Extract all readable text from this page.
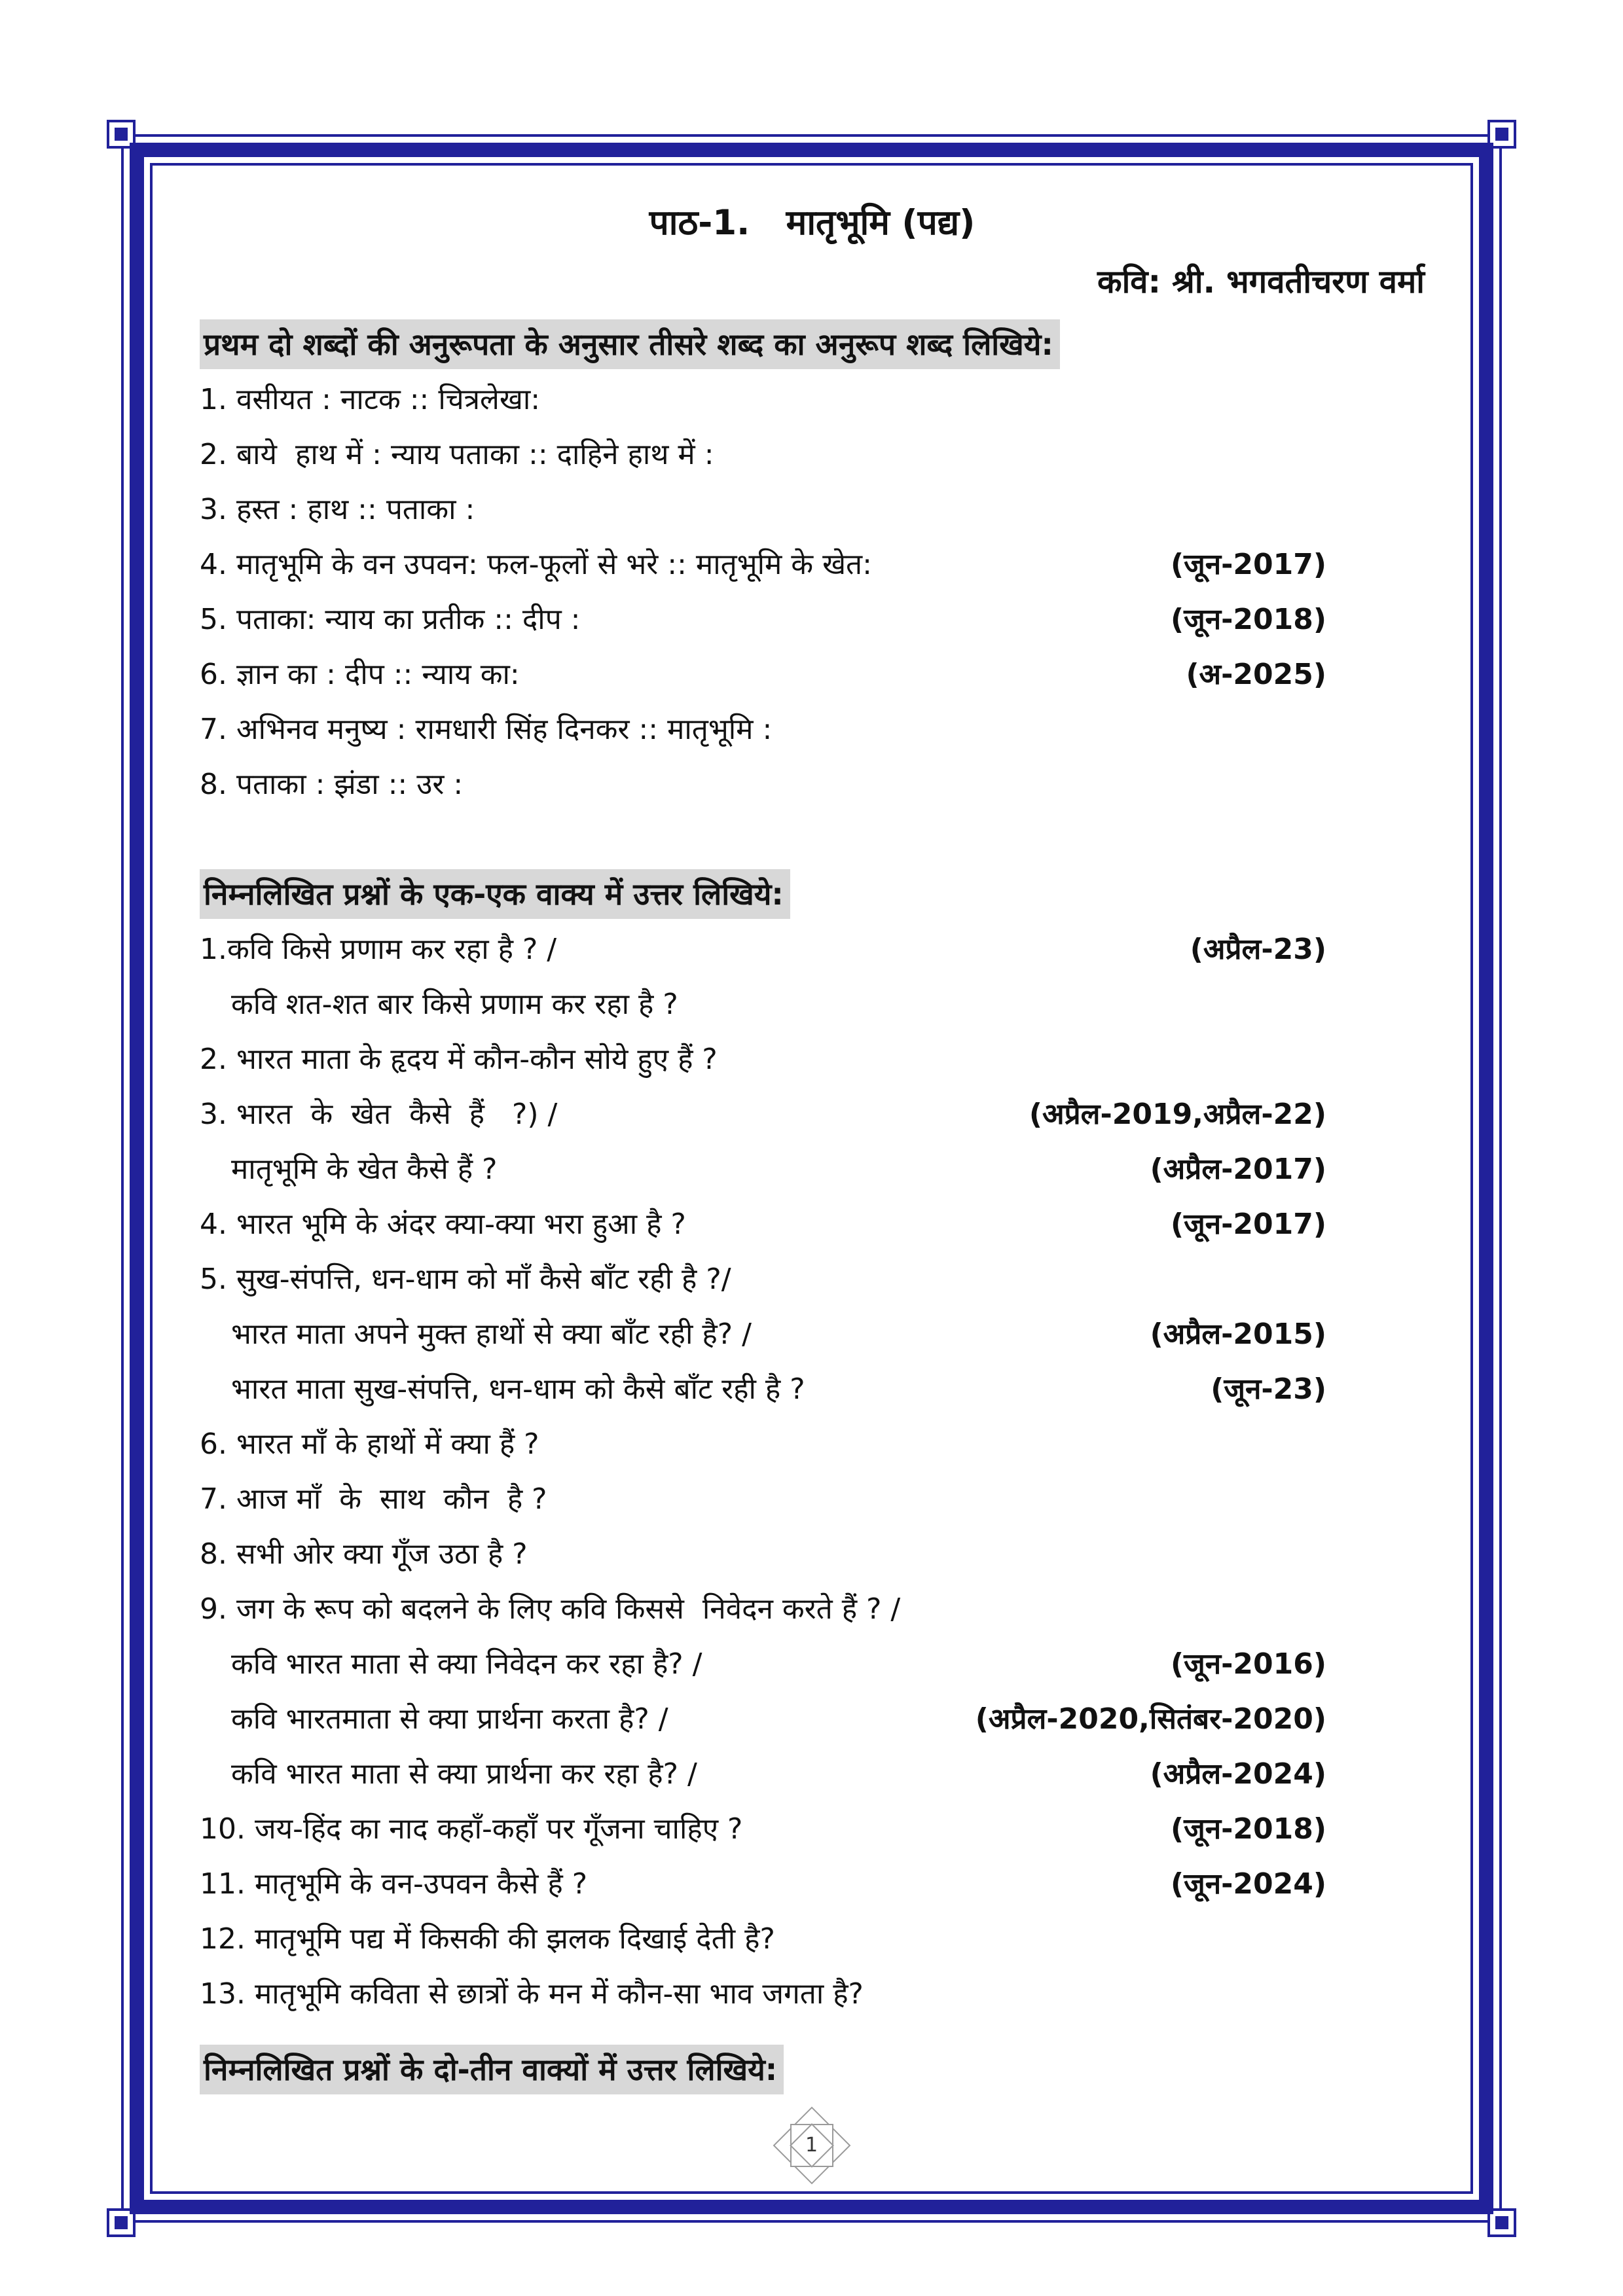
पाठ-1.   मातृभूमि (पद्य)
कवि: श्री. भगवतीचरण वर्मा
प्रथम दो शब्दों की अनुरूपता के अनुसार तीसरे शब्द का अनुरूप शब्द लिखिये:
1. वसीयत : नाटक :: चित्रलेखा:
2. बाये  हाथ में : न्याय पताका :: दाहिने हाथ में :
3. हस्त : हाथ :: पताका :
4. मातृभूमि के वन उपवन: फल-फूलों से भरे :: मातृभूमि के खेत:	(जून-2017)
5. पताका: न्याय का प्रतीक :: दीप :	(जून-2018)
6. ज्ञान का : दीप :: न्याय का:	(अ-2025)
7. अभिनव मनुष्य : रामधारी सिंह दिनकर :: मातृभूमि :
8. पताका : झंडा :: उर :
निम्नलिखित प्रश्नों के एक-एक वाक्य में उत्तर लिखिये:
1.कवि किसे प्रणाम कर रहा है ? /	(अप्रैल-23)
कवि शत-शत बार किसे प्रणाम कर रहा है ?
2. भारत माता के हृदय में कौन-कौन सोये हुए हैं ?
3. भारत  के  खेत  कैसे  हैं   ?) /	(अप्रैल-2019,अप्रैल-22)
मातृभूमि के खेत कैसे हैं ?	(अप्रैल-2017)
4. भारत भूमि के अंदर क्या-क्या भरा हुआ है ?	(जून-2017)
5. सुख-संपत्ति, धन-धाम को माँ कैसे बाँट रही है ?/
भारत माता अपने मुक्त हाथों से क्या बाँट रही है? /	(अप्रैल-2015)
भारत माता सुख-संपत्ति, धन-धाम को कैसे बाँट रही है ?	(जून-23)
6. भारत माँ के हाथों में क्या हैं ?
7. आज माँ  के  साथ  कौन  है ?
8. सभी ओर क्या गूँज उठा है ?
9. जग के रूप को बदलने के लिए कवि किससे  निवेदन करते हैं ? /
कवि भारत माता से क्या निवेदन कर रहा है? /	(जून-2016)
कवि भारतमाता से क्या प्रार्थना करता है? /	(अप्रैल-2020,सितंबर-2020)
कवि भारत माता से क्या प्रार्थना कर रहा है? /	(अप्रैल-2024)
10. जय-हिंद का नाद कहाँ-कहाँ पर गूँजना चाहिए ?	(जून-2018)
11. मातृभूमि के वन-उपवन कैसे हैं ?	(जून-2024)
12. मातृभूमि पद्य में किसकी की झलक दिखाई देती है?
13. मातृभूमि कविता से छात्रों के मन में कौन-सा भाव जगता है?
निम्नलिखित प्रश्नों के दो-तीन वाक्यों में उत्तर लिखिये:
1
